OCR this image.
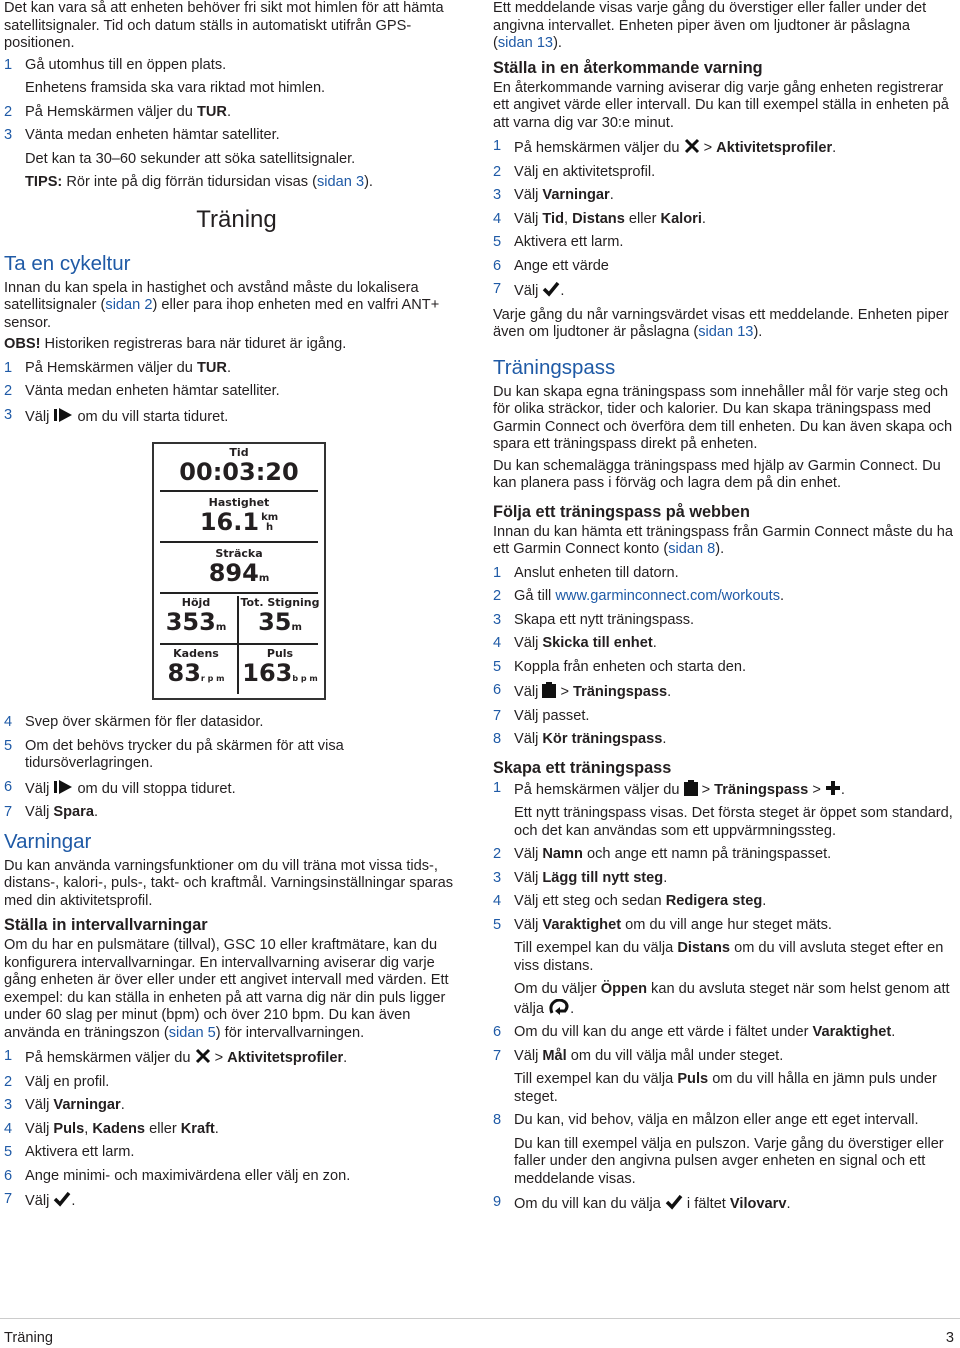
Det kan vara så att enheten behöver fri sikt mot himlen för att hämta satellitsignaler. Tid och datum ställs in automatiskt utifrån GPS-positionen.

1 Gå utomhus till en öppen plats.

Enhetens framsida ska vara riktad mot himlen.

2 På Hemskärmen väljer du TUR.
3 Vänta medan enheten hämtar satelliter.

Det kan ta 30–60 sekunder att söka satellitsignaler.

TIPS: Rör inte på dig förrän tidursidan visas (sidan 3).

Träning
Ta en cykeltur

Innan du kan spela in hastighet och avstånd måste du lokalisera satellitsignaler (sidan 2) eller para ihop enheten med en valfri ANT+ sensor.

OBS! Historiken registreras bara när tiduret är igång.

1 På Hemskärmen väljer du TUR.
2 Vänta medan enheten hämtar satelliter.
3 Välj  om du vill starta tiduret.
Tid
00:03:20
Hastighet
16.1 km
h
Sträcka
894m
Höjd
353m
Tot. Stigning
35m
Kadens
83r p m
Puls
163b p m
4 Svep över skärmen för fler datasidor.
5 Om det behövs trycker du på skärmen för att visa tidursöverlagringen.
6 Välj  om du vill stoppa tiduret.
7 Välj Spara.
Varningar

Du kan använda varningsfunktioner om du vill träna mot vissa tids-, distans-, kalori-, puls-, takt- och kraftmål. Varningsinställningar sparas med din aktivitetsprofil.

Ställa in intervallvarningar

Om du har en pulsmätare (tillval), GSC 10 eller kraftmätare, kan du konfigurera intervallvarningar. En intervallvarning aviserar dig varje gång enheten är över eller under ett angivet intervall med värden. Ett exempel: du kan ställa in enheten på att varna dig när din puls ligger under 60 slag per minut (bpm) och över 210 bpm. Du kan även använda en träningszon (sidan 5) för intervallvarningen.

1 På hemskärmen väljer du  > Aktivitetsprofiler.
2 Välj en profil.
3 Välj Varningar.
4 Välj Puls, Kadens eller Kraft.
5 Aktivera ett larm.
6 Ange minimi- och maximivärdena eller välj en zon.
7 Välj .

Ett meddelande visas varje gång du överstiger eller faller under det angivna intervallet. Enheten piper även om ljudtoner är påslagna (sidan 13).

Ställa in en återkommande varning

En återkommande varning aviserar dig varje gång enheten registrerar ett angivet värde eller intervall. Du kan till exempel ställa in enheten på att varna dig var 30:e minut.

1 På hemskärmen väljer du  > Aktivitetsprofiler.
2 Välj en aktivitetsprofil.
3 Välj Varningar.
4 Välj Tid, Distans eller Kalori.
5 Aktivera ett larm.
6 Ange ett värde
7 Välj .

Varje gång du når varningsvärdet visas ett meddelande. Enheten piper även om ljudtoner är påslagna (sidan 13).

Träningspass

Du kan skapa egna träningspass som innehåller mål för varje steg och för olika sträckor, tider och kalorier. Du kan skapa träningspass med Garmin Connect och överföra dem till enheten. Du kan även skapa och spara ett träningspass direkt på enheten.

Du kan schemalägga träningspass med hjälp av Garmin Connect. Du kan planera pass i förväg och lagra dem på din enhet.

Följa ett träningspass på webben

Innan du kan hämta ett träningspass från Garmin Connect måste du ha ett Garmin Connect konto (sidan 8).

1 Anslut enheten till datorn.
2 Gå till www.garminconnect.com/workouts.
3 Skapa ett nytt träningspass.
4 Välj Skicka till enhet.
5 Koppla från enheten och starta den.
6 Välj  > Träningspass.
7 Välj passet.
8 Välj Kör träningspass.
Skapa ett träningspass
1 På hemskärmen väljer du  > Träningspass > .

Ett nytt träningspass visas. Det första steget är öppet som standard, och det kan användas som ett uppvärmningssteg.

2 Välj Namn och ange ett namn på träningspasset.
3 Välj Lägg till nytt steg.
4 Välj ett steg och sedan Redigera steg.
5 Välj Varaktighet om du vill ange hur steget mäts.

Till exempel kan du välja Distans om du vill avsluta steget efter en viss distans.

Om du väljer Öppen kan du avsluta steget när som helst genom att välja .

6 Om du vill kan du ange ett värde i fältet under Varaktighet.
7 Välj Mål om du vill välja mål under steget.

Till exempel kan du välja Puls om du vill hålla en jämn puls under steget.

8 Du kan, vid behov, välja en målzon eller ange ett eget intervall.

Du kan till exempel välja en pulszon. Varje gång du överstiger eller faller under den angivna pulsen avger enheten en signal och ett meddelande visas.

9 Om du vill kan du välja  i fältet Vilovarv.
Träning	3
